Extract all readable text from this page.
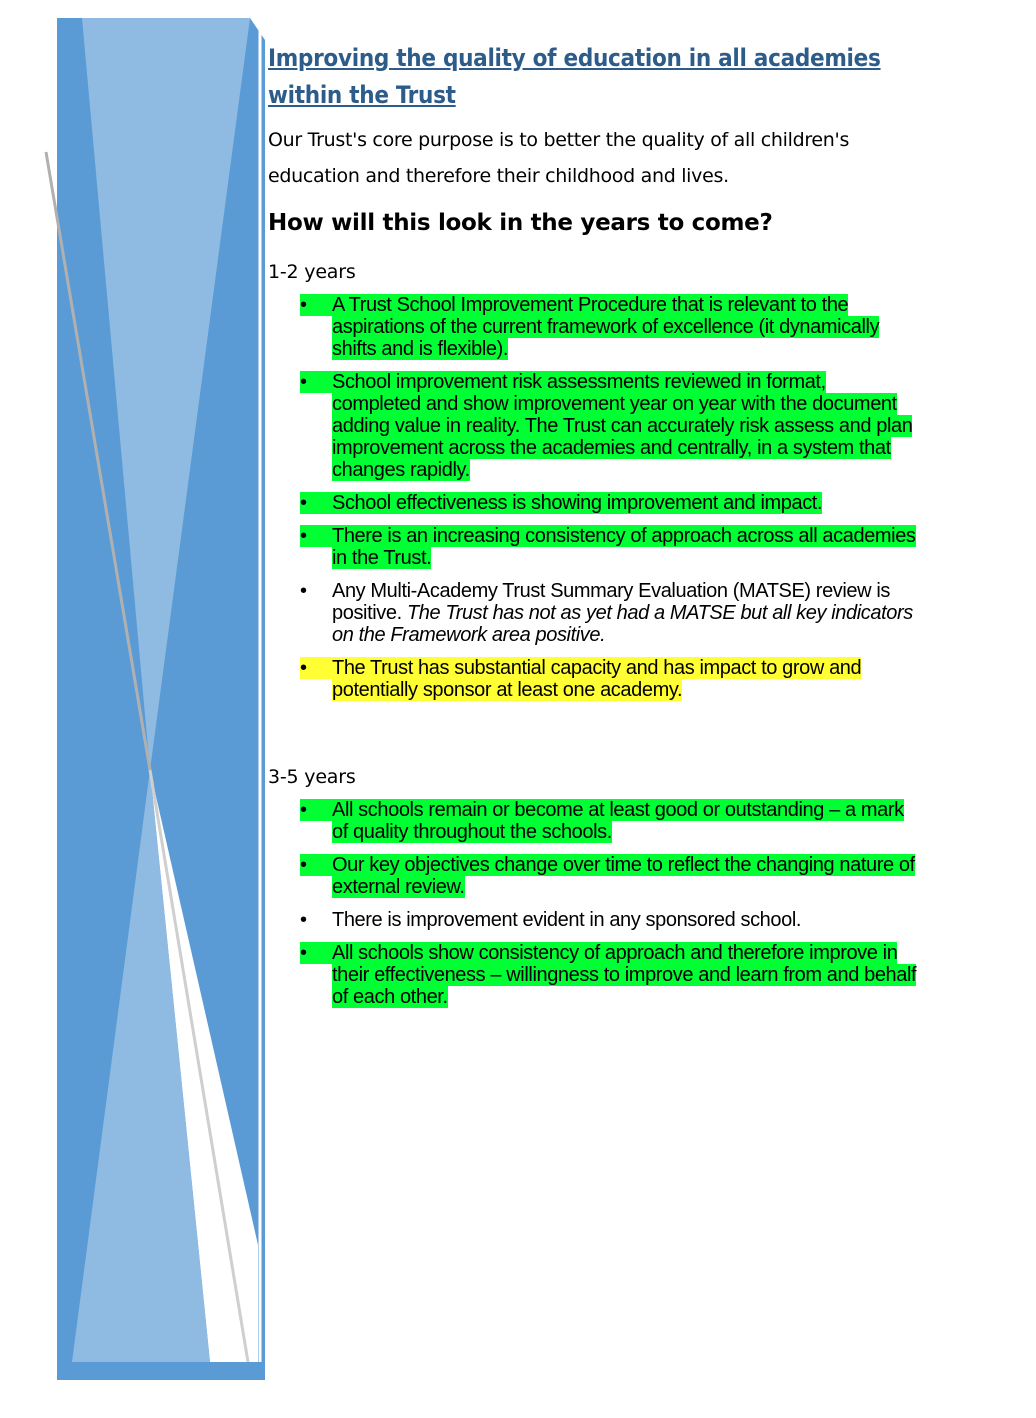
Improving the quality of education in all academies within the Trust

Our Trust's core purpose is to better the quality of all children's education and therefore their childhood and lives.

How will this look in the years to come?
1-2 years
•	A Trust School Improvement Procedure that is relevant to the aspirations of the current framework of excellence (it dynamically shifts and is flexible).
•	School improvement risk assessments reviewed in format, completed and show improvement year on year with the document adding value in reality. The Trust can accurately risk assess and plan improvement across the academies and centrally, in a system that changes rapidly.
•	School effectiveness is showing improvement and impact.
•	There is an increasing consistency of approach across all academies in the Trust.
•	Any Multi-Academy Trust Summary Evaluation (MATSE) review is positive. The Trust has not as yet had a MATSE but all key indicators on the Framework area positive.
•	The Trust has substantial capacity and has impact to grow and potentially sponsor at least one academy.
3-5 years
•	All schools remain or become at least good or outstanding – a mark of quality throughout the schools.
•	Our key objectives change over time to reflect the changing nature of external review.
•	There is improvement evident in any sponsored school.
•	All schools show consistency of approach and therefore improve in their effectiveness – willingness to improve and learn from and behalf of each other.
